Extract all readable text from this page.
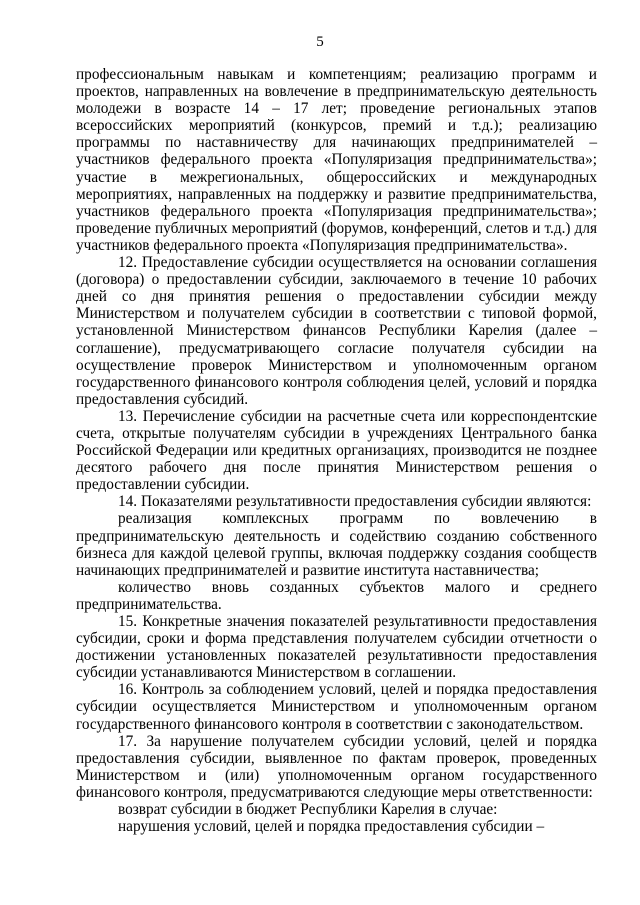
5

профессиональным навыкам и компетенциям; реализацию программ и проектов, направленных на вовлечение в предпринимательскую деятельность молодежи в возрасте 14 – 17 лет; проведение региональных этапов всероссийских мероприятий (конкурсов, премий и т.д.); реализацию программы по наставничеству для начинающих предпринимателей – участников федерального проекта «Популяризация предпринимательства»; участие в межрегиональных, общероссийских и международных мероприятиях, направленных на поддержку и развитие предпринимательства, участников федерального проекта «Популяризация предпринимательства»; проведение публичных мероприятий (форумов, конференций, слетов и т.д.) для участников федерального проекта «Популяризация предпринимательства».

12. Предоставление субсидии осуществляется на основании соглашения (договора) о предоставлении субсидии, заключаемого в течение 10 рабочих дней со дня принятия решения о предоставлении субсидии между Министерством и получателем субсидии в соответствии с типовой формой, установленной Министерством финансов Республики Карелия (далее – соглашение), предусматривающего согласие получателя субсидии на осуществление проверок Министерством и уполномоченным органом государственного финансового контроля соблюдения целей, условий и порядка предоставления субсидий.

13. Перечисление субсидии на расчетные счета или корреспондентские счета, открытые получателям субсидии в учреждениях Центрального банка Российской Федерации или кредитных организациях, производится не позднее десятого рабочего дня после принятия Министерством решения о предоставлении субсидии.

14. Показателями результативности предоставления субсидии являются:

реализация комплексных программ по вовлечению в предпринимательскую деятельность и содействию созданию собственного бизнеса для каждой целевой группы, включая поддержку создания сообществ начинающих предпринимателей и развитие института наставничества;

количество вновь созданных субъектов малого и среднего предпринимательства.

15. Конкретные значения показателей результативности предоставления субсидии, сроки и форма представления получателем субсидии отчетности о достижении установленных показателей результативности предоставления субсидии устанавливаются Министерством в соглашении.

16. Контроль за соблюдением условий, целей и порядка предоставления субсидии осуществляется Министерством и уполномоченным органом государственного финансового контроля в соответствии с законодательством.

17. За нарушение получателем субсидии условий, целей и порядка предоставления субсидии, выявленное по фактам проверок, проведенных Министерством и (или) уполномоченным органом государственного финансового контроля, предусматриваются следующие меры ответственности:

возврат субсидии в бюджет Республики Карелия в случае:

нарушения условий, целей и порядка предоставления субсидии –
